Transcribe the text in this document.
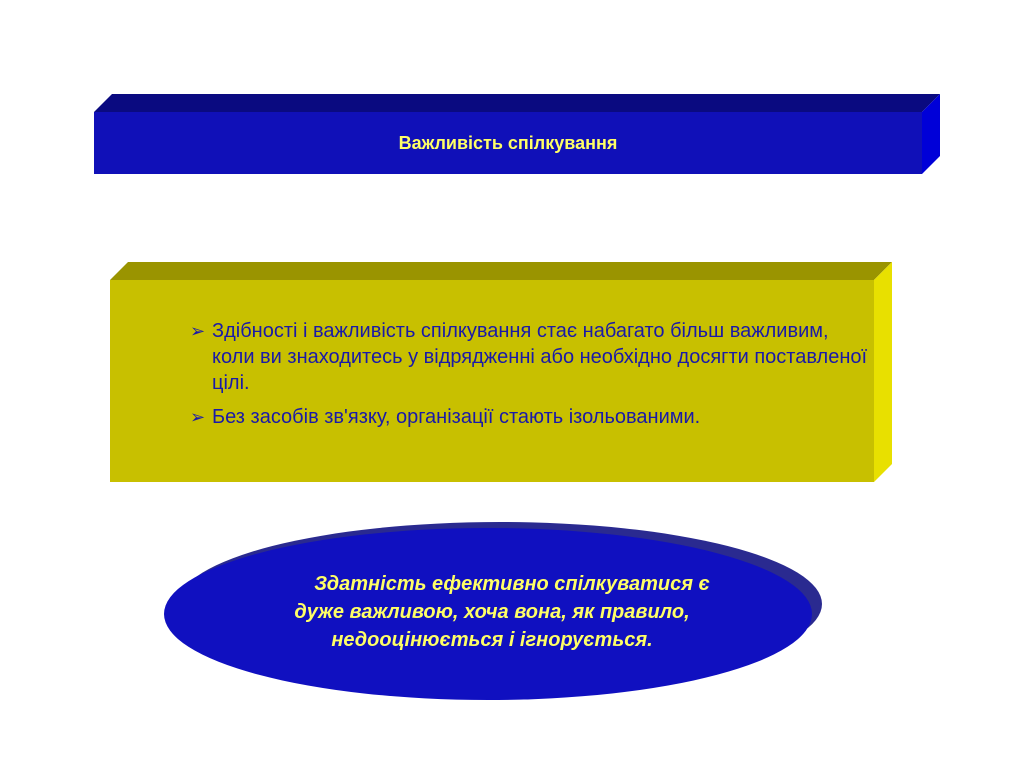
Важливість спілкування
➢ Здібності і важливість спілкування стає набагато більш важливим, коли ви знаходитесь у відрядженні або необхідно досягти поставленої цілі.
➢ Без засобів зв'язку, організації стають ізольованими.
Здатність ефективно спілкуватися є дуже важливою, хоча вона, як правило, недооцінюється і ігнорується.
